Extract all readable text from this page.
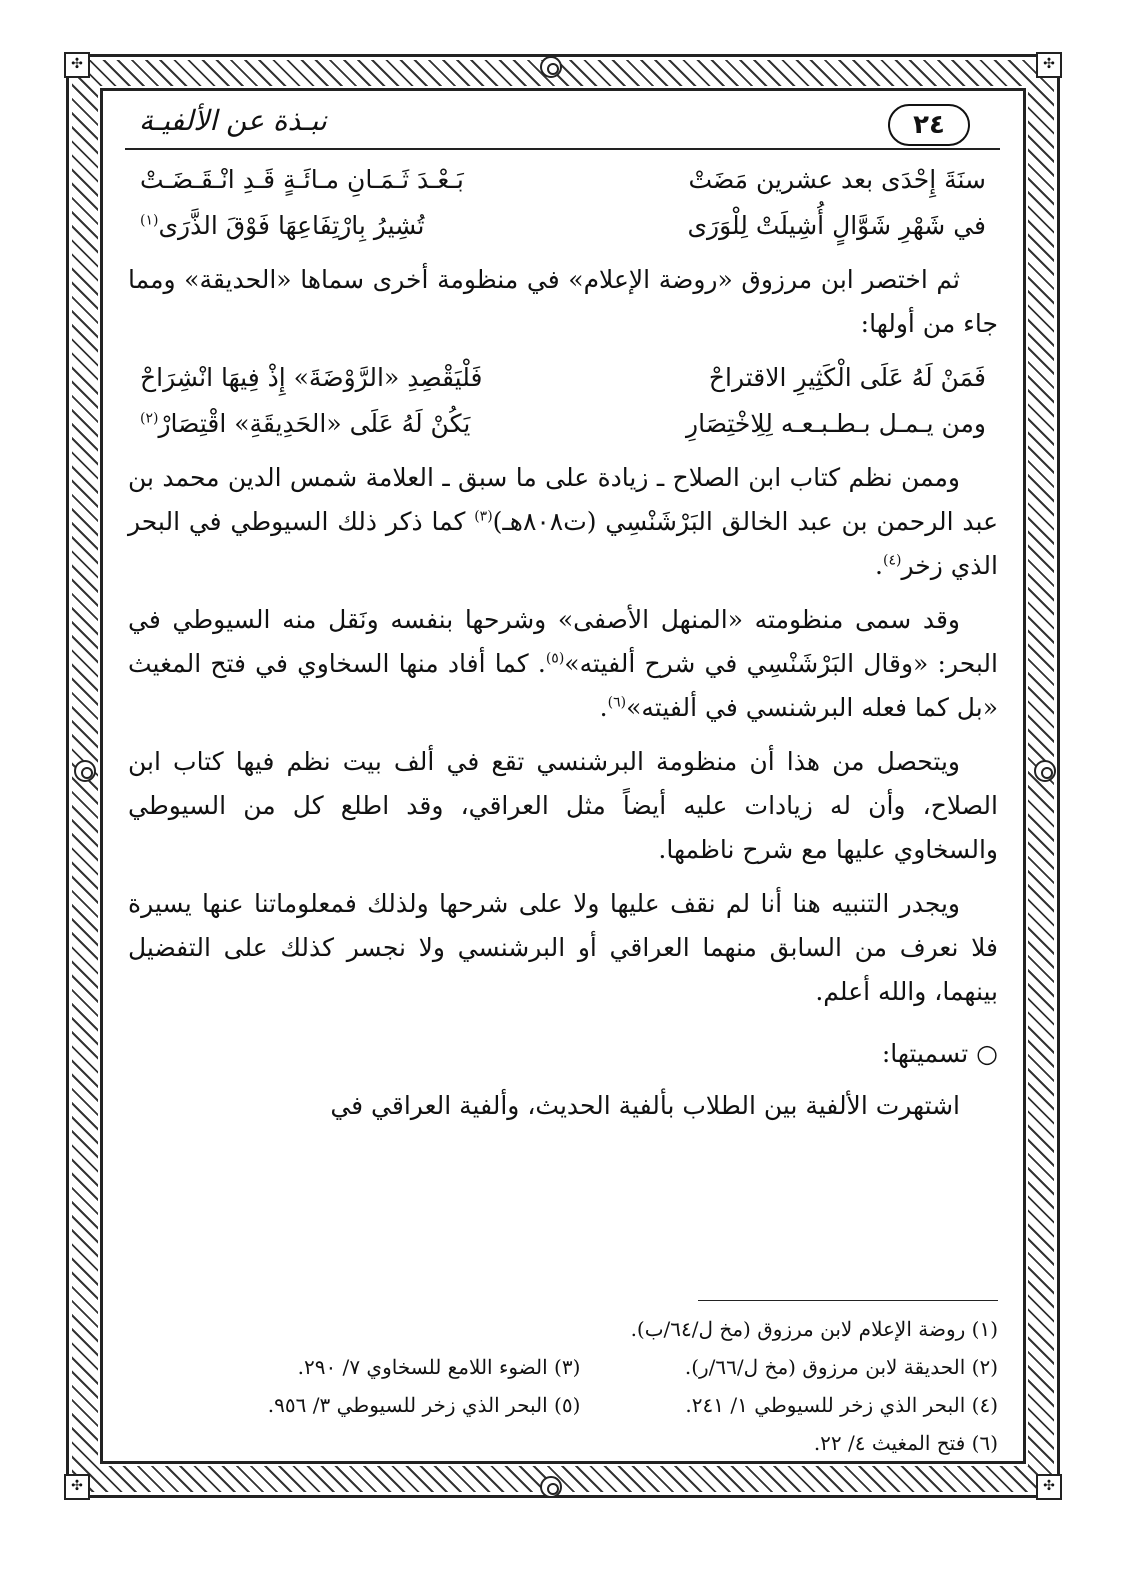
✣	✣
✣	✣
٢٤
نبـذة عن الألفيـة
سنَةَ إِحْدَى بعد عشرين مَضَتْ
بَـعْـدَ ثَـمَـانِ مـائَـةٍ قَـدِ انْـقَـضَـتْ
في شَهْرِ شَوَّالٍ أُشِيلَتْ لِلْوَرَى
تُشِيرُ بِارْتِفَاعِهَا فَوْقَ الذَّرَى$^{(١)}$

ثم اختصر ابن مرزوق «روضة الإعلام» في منظومة أخرى سماها «الحديقة» ومما جاء من أولها:

فَمَنْ لَهُ عَلَى الْكَثِيرِ الاقتراحْ
فَلْيَقْصِدِ «الرَّوْضَةَ» إِذْ فِيهَا انْشِرَاحْ
ومن يـمـل بـطـبـعـه لِلِاخْتِصَارِ
يَكُنْ لَهُ عَلَى «الحَدِيقَةِ» اقْتِصَارْ$^{(٢)}$

وممن نظم كتاب ابن الصلاح ـ زيادة على ما سبق ـ العلامة شمس الدين محمد بن عبد الرحمن بن عبد الخالق البَرْشَنْسِي (ت٨٠٨هـ)$^{(٣)}$ كما ذكر ذلك السيوطي في البحر الذي زخر$^{(٤)}$.

وقد سمى منظومته «المنهل الأصفى» وشرحها بنفسه ونَقل منه السيوطي في البحر: «وقال البَرْشَنْسِي في شرح ألفيته»$^{(٥)}$. كما أفاد منها السخاوي في فتح المغيث «بل كما فعله البرشنسي في ألفيته»$^{(٦)}$.

ويتحصل من هذا أن منظومة البرشنسي تقع في ألف بيت نظم فيها كتاب ابن الصلاح، وأن له زيادات عليه أيضاً مثل العراقي، وقد اطلع كل من السيوطي والسخاوي عليها مع شرح ناظمها.

ويجدر التنبيه هنا أنا لم نقف عليها ولا على شرحها ولذلك فمعلوماتنا عنها يسيرة فلا نعرف من السابق منهما العراقي أو البرشنسي ولا نجسر كذلك على التفضيل بينهما، والله أعلم.

○ تسميتها:

اشتهرت الألفية بين الطلاب بألفية الحديث، وألفية العراقي في

(١) روضة الإعلام لابن مرزوق (مخ ل/٦٤/ب).
(٢) الحديقة لابن مرزوق (مخ ل/٦٦/ر).
(٣) الضوء اللامع للسخاوي ٧/ ٢٩٠.
(٤) البحر الذي زخر للسيوطي ١/ ٢٤١.
(٥) البحر الذي زخر للسيوطي ٣/ ٩٥٦.
(٦) فتح المغيث ٤/ ٢٢.
